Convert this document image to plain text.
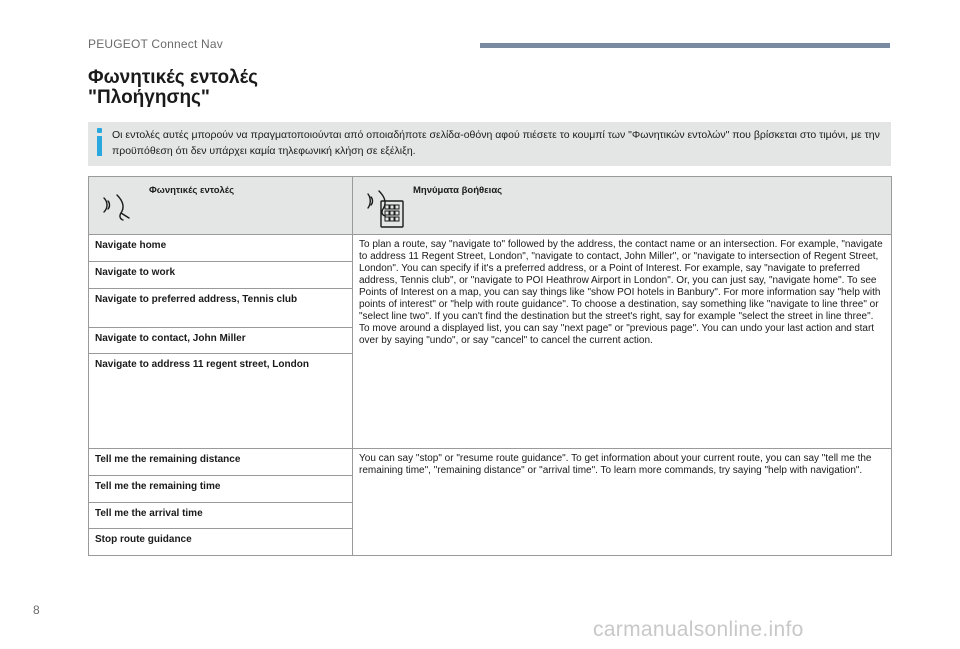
PEUGEOT Connect Nav
Φωνητικές εντολές
"Πλοήγησης"
Οι εντολές αυτές μπορούν να πραγματοποιούνται από οποιαδήποτε σελίδα-οθόνη αφού πιέσετε το κουμπί των "Φωνητικών εντολών" που βρίσκεται στο τιμόνι, με την προϋπόθεση ότι δεν υπάρχει καμία τηλεφωνική κλήση σε εξέλιξη.
Φωνητικές εντολές	Μηνύματα βοήθειας

Navigate home	To plan a route, say "navigate to" followed by the address, the contact name or an intersection. For example, "navigate to address 11 Regent Street, London", "navigate to contact, John Miller", or "navigate to intersection of Regent Street, London". You can specify if it's a preferred address, or a Point of Interest. For example, say "navigate to preferred address, Tennis club", or "navigate to POI Heathrow Airport in London". Or, you can just say, "navigate home". To see Points of Interest on a map, you can say things like "show POI hotels in Banbury". For more information say "help with points of interest" or "help with route guidance". To choose a destination, say something like "navigate to line three" or "select line two". If you can't find the destination but the street's right, say for example "select the street in line three". To move around a displayed list, you can say "next page" or "previous page". You can undo your last action and start over by saying "undo", or say "cancel" to cancel the current action.
Navigate to work	
Navigate to preferred address, Tennis club	
Navigate to contact, John Miller	
Navigate to address 11 regent street, London	
Tell me the remaining distance	You can say "stop" or "resume route guidance". To get information about your current route, you can say "tell me the remaining time", "remaining distance" or "arrival time". To learn more commands, try saying "help with navigation".
Tell me the remaining time	
Tell me the arrival time	
Stop route guidance	
8
carmanualsonline.info
